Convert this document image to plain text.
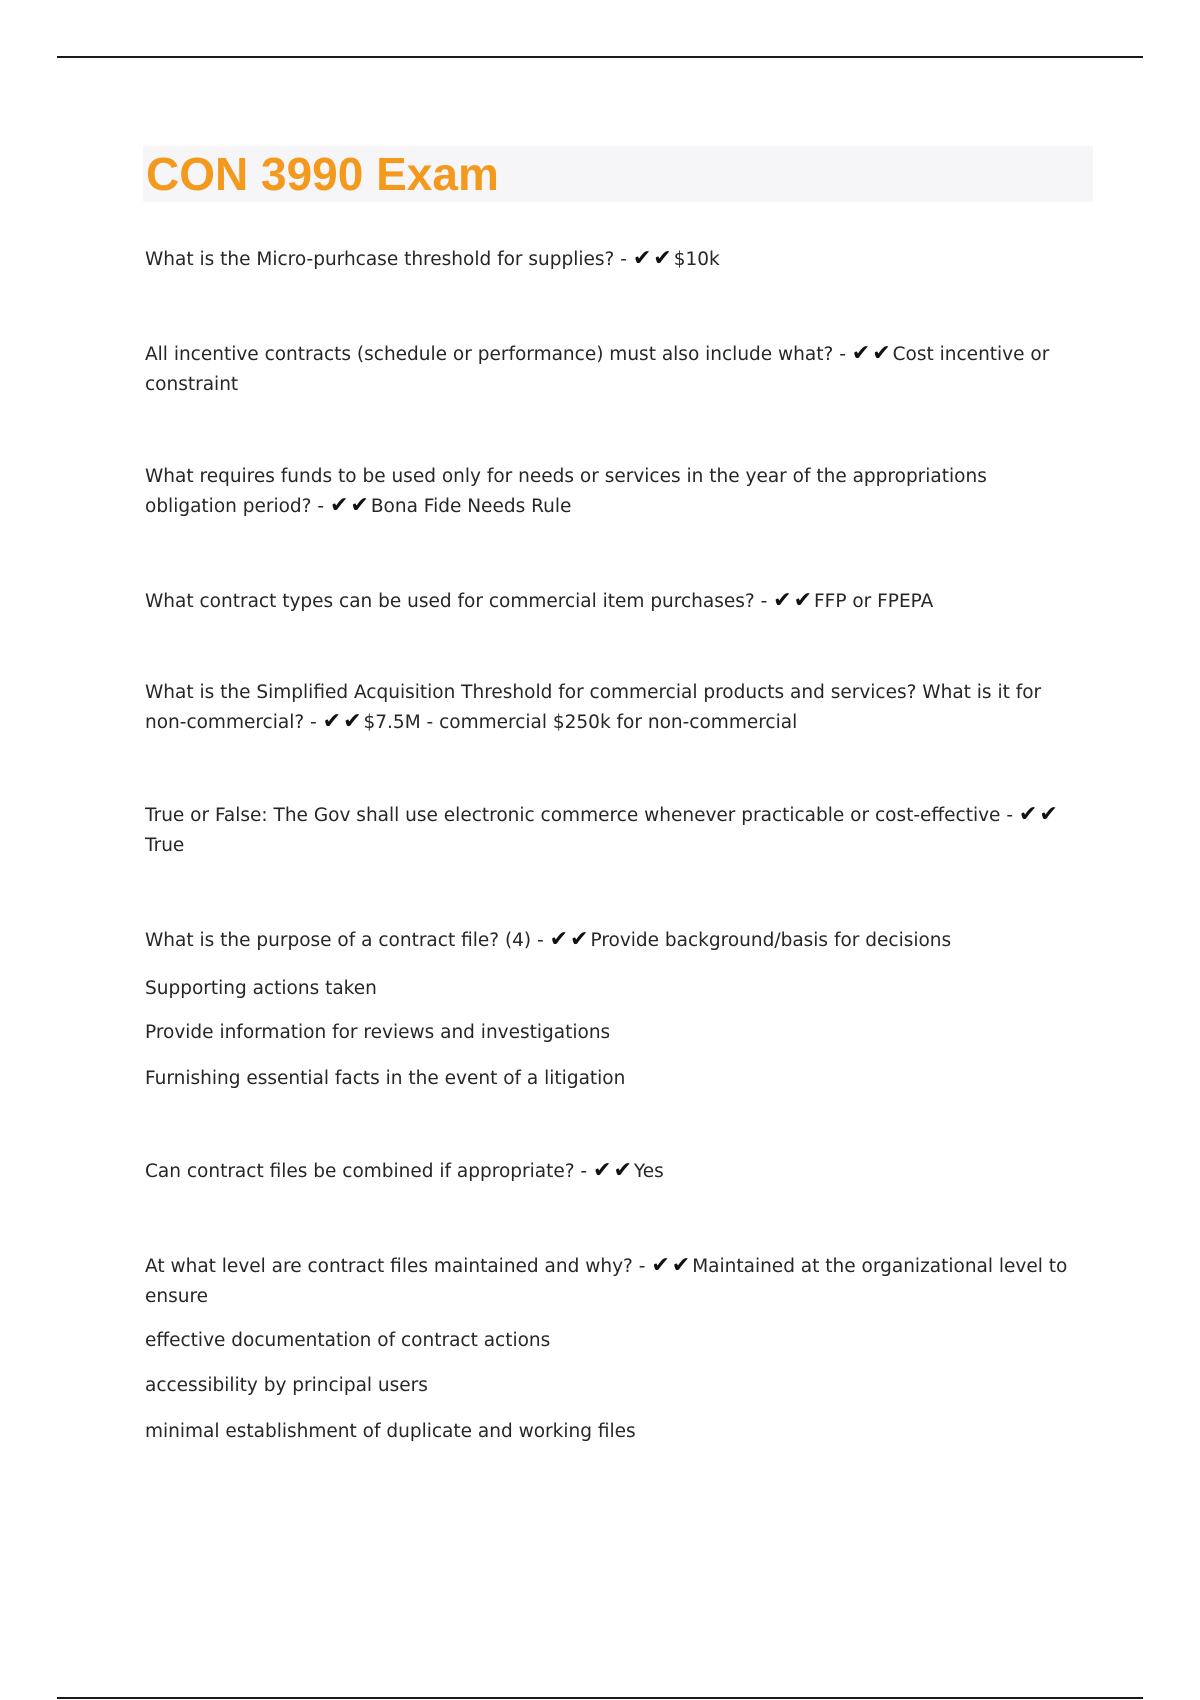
CON 3990 Exam
What is the Micro-purhcase threshold for supplies? - ✔✔ $10k
All incentive contracts (schedule or performance) must also include what? - ✔✔ Cost incentive or constraint
What requires funds to be used only for needs or services in the year of the appropriations obligation period? - ✔✔ Bona Fide Needs Rule
What contract types can be used for commercial item purchases? - ✔✔ FFP or FPEPA
What is the Simplified Acquisition Threshold for commercial products and services? What is it for non-commercial? - ✔✔ $7.5M - commercial $250k for non-commercial
True or False: The Gov shall use electronic commerce whenever practicable or cost-effective - ✔✔True
What is the purpose of a contract file? (4) - ✔✔ Provide background/basis for decisions
Supporting actions taken
Provide information for reviews and investigations
Furnishing essential facts in the event of a litigation
Can contract files be combined if appropriate? - ✔✔ Yes
At what level are contract files maintained and why? - ✔✔ Maintained at the organizational level to ensure
effective documentation of contract actions
accessibility by principal users
minimal establishment of duplicate and working files
